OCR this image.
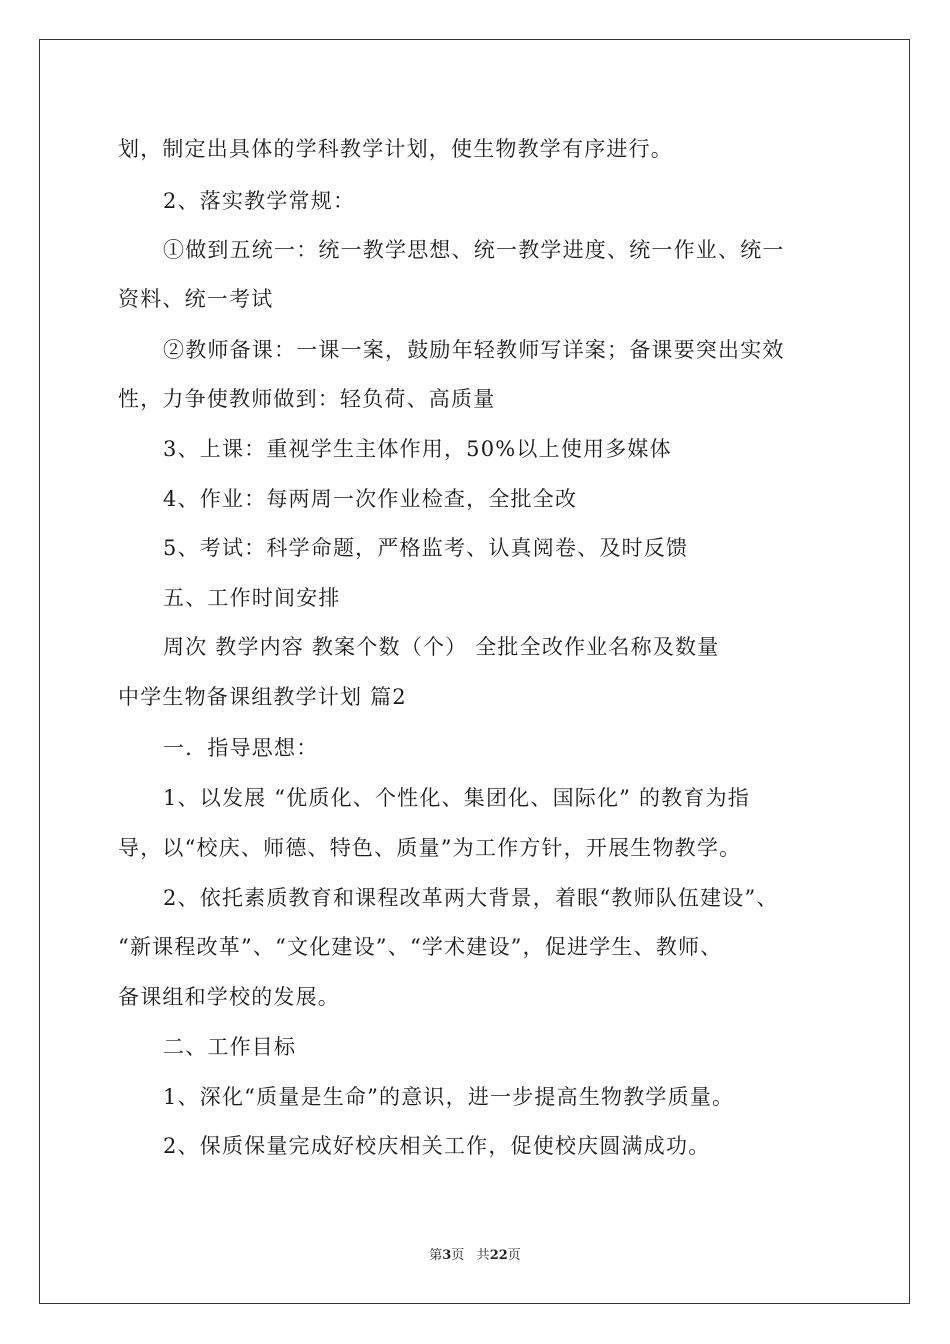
划，制定出具体的学科教学计划，使生物教学有序进行。
2、落实教学常规：
①做到五统一：统一教学思想、统一教学进度、统一作业、统一
资料、统一考试
②教师备课：一课一案，鼓励年轻教师写详案；备课要突出实效
性，力争使教师做到：轻负荷、高质量
3、上课：重视学生主体作用，50%以上使用多媒体
4、作业：每两周一次作业检查，全批全改
5、考试：科学命题，严格监考、认真阅卷、及时反馈
五、工作时间安排
周次 教学内容 教案个数（个） 全批全改作业名称及数量
中学生物备课组教学计划 篇2
一．指导思想：
1、以发展 “优质化、个性化、集团化、国际化” 的教育为指
导，以“校庆、师德、特色、质量”为工作方针，开展生物教学。
2、依托素质教育和课程改革两大背景，着眼“教师队伍建设”、
“新课程改革”、“文化建设”、“学术建设”，促进学生、教师、
备课组和学校的发展。
二、工作目标
1、深化“质量是生命”的意识，进一步提高生物教学质量。
2、保质保量完成好校庆相关工作，促使校庆圆满成功。
第3页 共22页
